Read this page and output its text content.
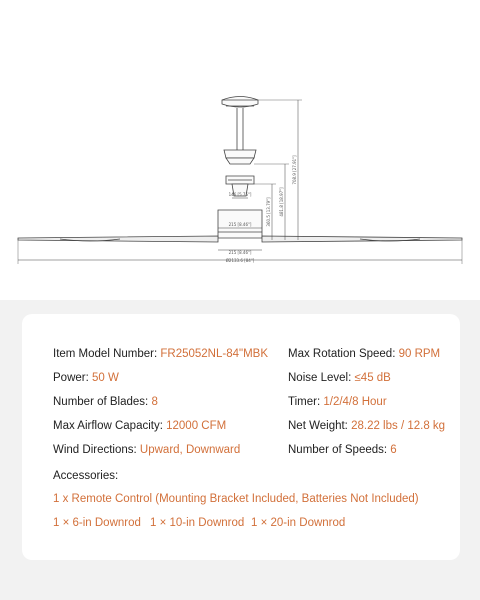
146 [5.75"]
215 [8.46"]
215 [8.46"]
Ø2133.6 [84"]
360.5 [13.79"] 481.8 [18.97"]
708.9 [27.91"]
Item Model Number: FR25052NL-84"MBK
Power: 50 W
Number of Blades: 8
Max Airflow Capacity: 12000 CFM
Wind Directions: Upward, Downward
Max Rotation Speed: 90 RPM
Noise Level: ≤45 dB
Timer: 1/2/4/8 Hour
Net Weight: 28.22 lbs / 12.8 kg
Number of Speeds: 6
Accessories:
1 x Remote Control (Mounting Bracket Included, Batteries Not Included)
1 × 6-in Downrod 1 × 10-in Downrod 1 × 20-in Downrod
